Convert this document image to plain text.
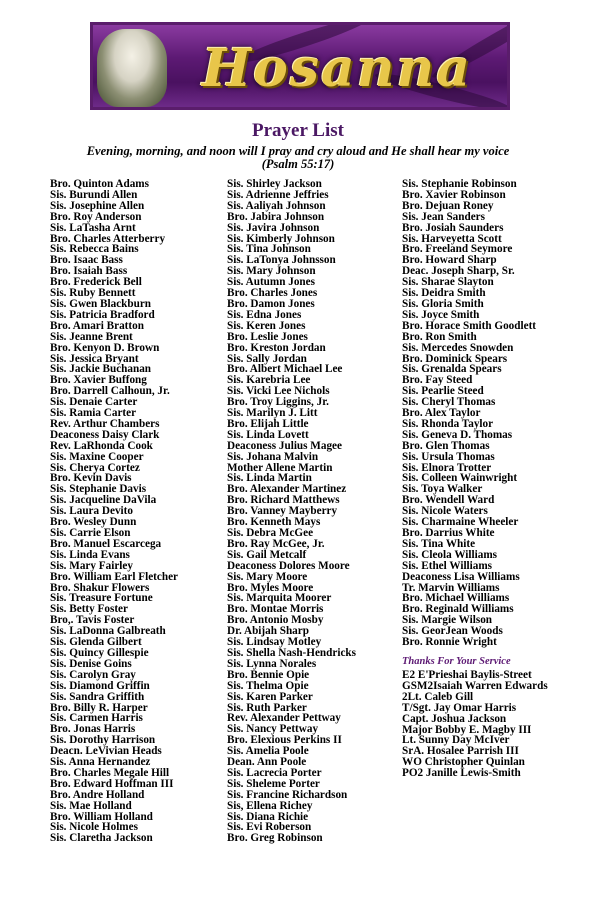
Hosanna
Prayer List
Evening, morning, and noon will I pray and cry aloud and He shall hear my voice
(Psalm 55:17)
Bro. Quinton Adams
Sis. Burundi Allen
Sis. Josephine Allen
Bro. Roy Anderson
Sis. LaTasha Arnt
Bro. Charles Atterberry
Sis. Rebecca Bains
Bro. Isaac Bass
Bro. Isaiah Bass
Bro. Frederick Bell
Sis. Ruby Bennett
Sis. Gwen Blackburn
Sis. Patricia Bradford
Bro. Amari Bratton
Sis. Jeanne Brent
Bro. Kenyon D. Brown
Sis. Jessica Bryant
Sis. Jackie Buchanan
Bro. Xavier Buffong
Bro. Darrell Calhoun, Jr.
Sis. Denaie Carter
Sis. Ramia Carter
Rev. Arthur Chambers
Deaconess Daisy Clark
Rev. LaRhonda Cook
Sis. Maxine Cooper
Sis. Cherya Cortez
Bro. Kevin Davis
Sis. Stephanie Davis
Sis. Jacqueline DaVila
Sis. Laura Devito
Bro. Wesley Dunn
Sis. Carrie Elson
Bro. Manuel Escarcega
Sis. Linda Evans
Sis. Mary Fairley
Bro. William Earl Fletcher
Bro. Shakur Flowers
Sis. Treasure Fortune
Sis. Betty Foster
Bro,. Tavis Foster
Sis. LaDonna Galbreath
Sis. Glenda Gilbert
Sis. Quincy Gillespie
Sis. Denise Goins
Sis. Carolyn Gray
Sis. Diamond Griffin
Sis. Sandra Griffith
Bro. Billy R. Harper
Sis. Carmen Harris
Bro. Jonas Harris
Sis. Dorothy Harrison
Deacn. LeVivian Heads
Sis. Anna Hernandez
Bro. Charles Megale Hill
Bro. Edward Hoffman III
Bro. Andre Holland
Sis. Mae Holland
Bro. William Holland
Sis. Nicole Holmes
Sis. Claretha Jackson
Sis. Shirley Jackson
Sis. Adrienne Jeffries
Sis. Aaliyah Johnson
Bro. Jabira Johnson
Sis. Javira Johnson
Sis. Kimberly Johnson
Sis. Tina Johnson
Sis. LaTonya Johnsson
Sis. Mary Johnson
Sis. Autumn Jones
Bro. Charles Jones
Bro. Damon Jones
Sis. Edna Jones
Sis. Keren Jones
Bro. Leslie Jones
Bro. Kreston Jordan
Sis. Sally Jordan
Bro. Albert Michael Lee
Sis. Karebria Lee
Sis. Vicki Lee Nichols
Bro. Troy Liggins, Jr.
Sis. Marilyn J. Litt
Bro. Elijah Little
Sis. Linda Lovett
Deaconess Julius Magee
Sis. Johana Malvin
Mother Allene Martin
Sis. Linda Martin
Bro. Alexander Martinez
Bro. Richard Matthews
Bro. Vanney Mayberry
Bro. Kenneth Mays
Sis. Debra McGee
Bro. Ray McGee, Jr.
Sis. Gail Metcalf
Deaconess Dolores Moore
Sis. Mary Moore
Bro. Myles Moore
Sis. Marquita Moorer
Bro. Montae Morris
Bro. Antonio Mosby
Dr. Abijah Sharp
Sis. Lindsay Motley
Sis. Shella Nash-Hendricks
Sis. Lynna Norales
Bro. Bennie Opie
Sis. Thelma Opie
Sis. Karen Parker
Sis. Ruth Parker
Rev. Alexander Pettway
Sis. Nancy Pettway
Bro. Elexious Perkins II
Sis. Amelia Poole
Dean. Ann Poole
Sis. Lacrecia Porter
Sis. Sheleme Porter
Sis. Francine Richardson
Sis, Ellena Richey
Sis. Diana Richie
Sis. Evi Roberson
Bro. Greg Robinson
Sis. Stephanie Robinson
Bro. Xavier Robinson
Bro. Dejuan Roney
Sis. Jean Sanders
Bro. Josiah Saunders
Sis. Harveyetta Scott
Bro. Freeland Seymore
Bro. Howard Sharp
Deac. Joseph Sharp, Sr.
Sis. Sharae Slayton
Sis. Deidra Smith
Sis. Gloria Smith
Sis. Joyce Smith
Bro. Horace Smith Goodlett
Bro. Ron Smith
Sis. Mercedes Snowden
Bro. Dominick Spears
Sis. Grenalda Spears
Bro. Fay Steed
Sis. Pearlie Steed
Sis. Cheryl Thomas
Bro. Alex Taylor
Sis. Rhonda Taylor
Sis. Geneva D. Thomas
Bro. Glen Thomas
Sis. Ursula Thomas
Sis. Elnora Trotter
Sis. Colleen Wainwright
Sis. Toya Walker
Bro. Wendell Ward
Sis. Nicole Waters
Sis. Charmaine Wheeler
Bro. Darrius White
Sis. Tina White
Sis. Cleola Williams
Sis. Ethel Williams
Deaconess Lisa Williams
Tr. Marvin Williams
Bro. Michael Williams
Bro. Reginald Williams
Sis. Margie Wilson
Sis. GeorJean Woods
Bro. Ronnie Wright
Thanks For Your Service
E2 E'Prieshai Baylis-Street
GSM2Isaiah Warren Edwards
2Lt. Caleb Gill
T/Sgt. Jay Omar Harris
Capt. Joshua Jackson
Major Bobby E. Magby III
Lt. Sunny Day McIver
SrA. Hosalee Parrish III
WO Christopher Quinlan
PO2 Janille Lewis-Smith
